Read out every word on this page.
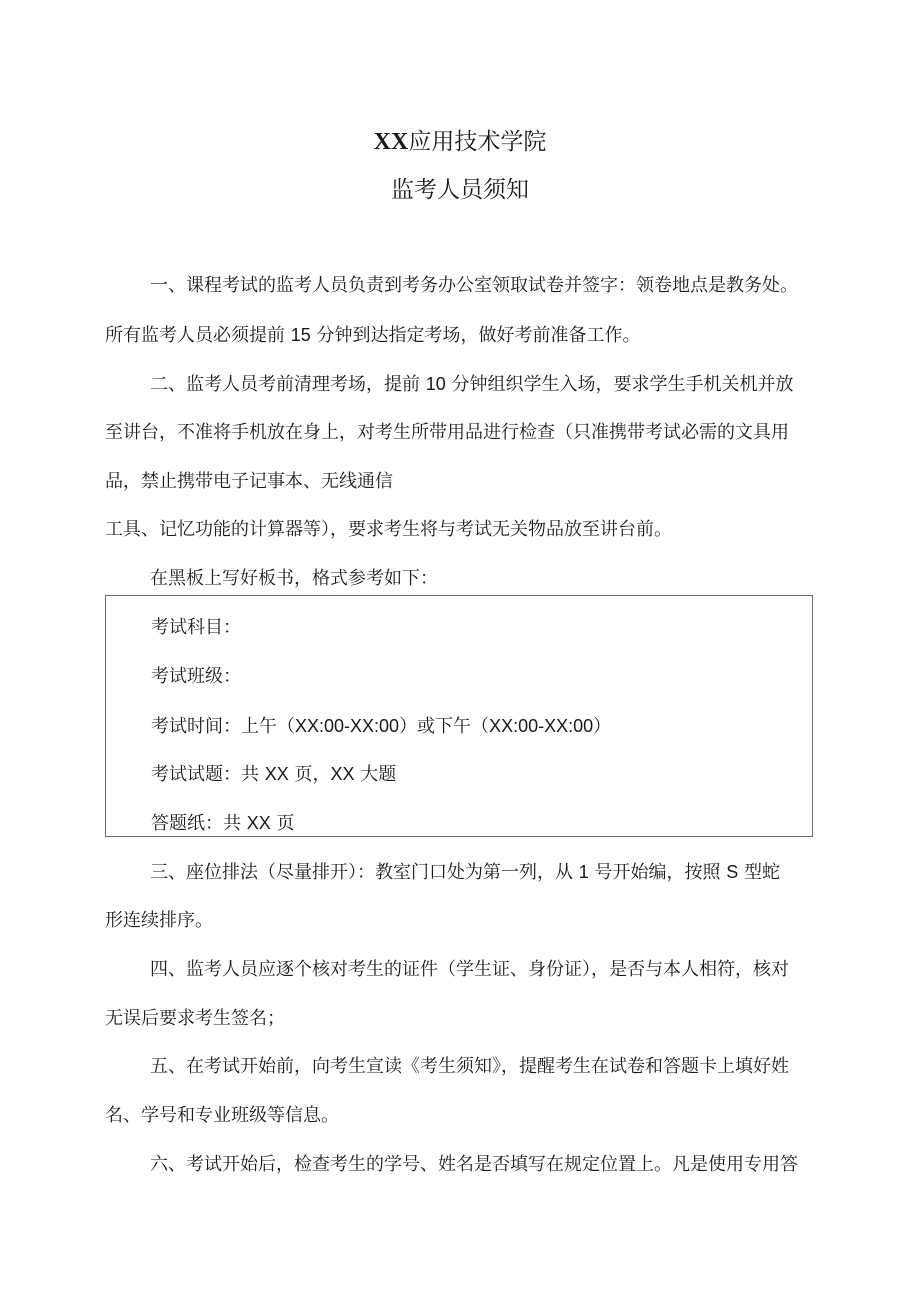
XX应用技术学院
监考人员须知
一、课程考试的监考人员负责到考务办公室领取试卷并签字：领卷地点是教务处。
所有监考人员必须提前 15 分钟到达指定考场，做好考前准备工作。
二、监考人员考前清理考场，提前 10 分钟组织学生入场，要求学生手机关机并放
至讲台，不准将手机放在身上，对考生所带用品进行检查（只准携带考试必需的文具用
品，禁止携带电子记事本、无线通信
工具、记忆功能的计算器等），要求考生将与考试无关物品放至讲台前。
在黑板上写好板书，格式参考如下：
考试科目：
考试班级：
考试时间：上午（XX:00-XX:00）或下午（XX:00-XX:00）
考试试题：共 XX 页，XX 大题
答题纸：共 XX 页
三、座位排法（尽量排开）：教室门口处为第一列，从 1 号开始编，按照 S 型蛇
形连续排序。
四、监考人员应逐个核对考生的证件（学生证、身份证），是否与本人相符，核对
无误后要求考生签名；
五、在考试开始前，向考生宣读《考生须知》，提醒考生在试卷和答题卡上填好姓
名、学号和专业班级等信息。
六、考试开始后，检查考生的学号、姓名是否填写在规定位置上。凡是使用专用答
